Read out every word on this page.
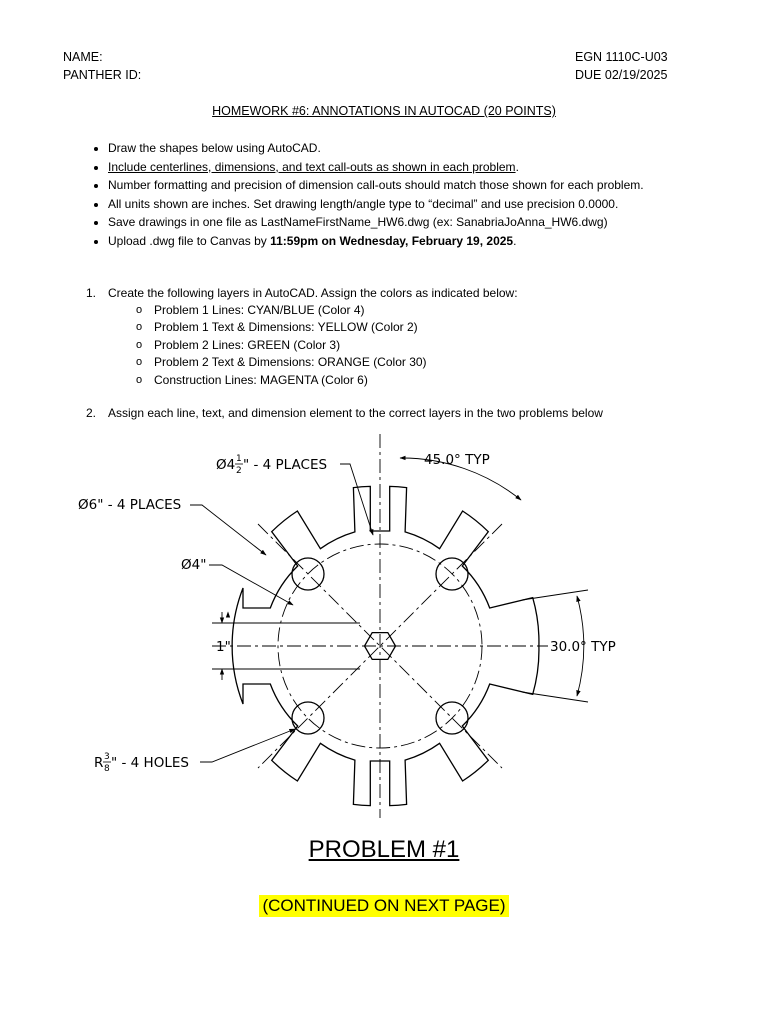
NAME:
PANTHER ID:
EGN 1110C-U03
DUE 02/19/2025
HOMEWORK #6: ANNOTATIONS IN AUTOCAD (20 POINTS)
• Draw the shapes below using AutoCAD.
• Include centerlines, dimensions, and text call-outs as shown in each problem.
• Number formatting and precision of dimension call-outs should match those shown for each problem.
• All units shown are inches. Set drawing length/angle type to “decimal” and use precision 0.0000.
• Save drawings in one file as LastNameFirstName_HW6.dwg (ex: SanabriaJoAnna_HW6.dwg)
• Upload .dwg file to Canvas by 11:59pm on Wednesday, February 19, 2025.
1. Create the following layers in AutoCAD. Assign the colors as indicated below:
o Problem 1 Lines: CYAN/BLUE (Color 4)
o Problem 1 Text & Dimensions: YELLOW (Color 2)
o Problem 2 Lines: GREEN (Color 3)
o Problem 2 Text & Dimensions: ORANGE (Color 30)
o Construction Lines: MAGENTA (Color 6)
2. Assign each line, text, and dimension element to the correct layers in the two problems below
Ø4 1
2 " - 4 PLACES	45.0° TYP
Ø6" - 4 PLACES
Ø4"
1"	30.0° TYP
R 3
8 " - 4 HOLES
PROBLEM #1
(CONTINUED ON NEXT PAGE)
